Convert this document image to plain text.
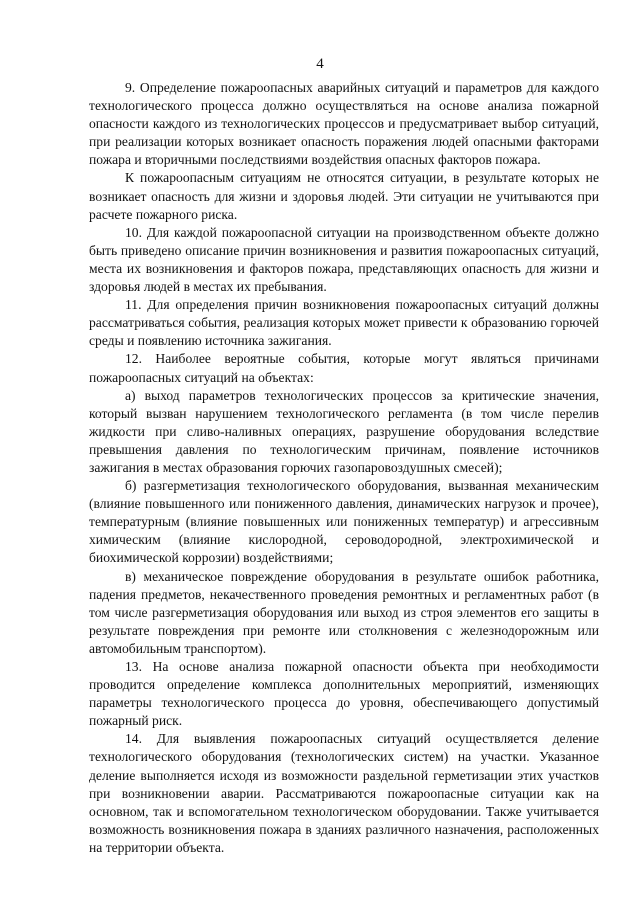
4

9. Определение пожароопасных аварийных ситуаций и параметров для каждого технологического процесса должно осуществляться на основе анализа пожарной опасности каждого из технологических процессов и предусматривает выбор ситуаций, при реализации которых возникает опасность поражения людей опасными факторами пожара и вторичными последствиями воздействия опасных факторов пожара.

К пожароопасным ситуациям не относятся ситуации, в результате которых не возникает опасность для жизни и здоровья людей. Эти ситуации не учитываются при расчете пожарного риска.

10. Для каждой пожароопасной ситуации на производственном объекте должно быть приведено описание причин возникновения и развития пожароопасных ситуаций, места их возникновения и факторов пожара, представляющих опасность для жизни и здоровья людей в местах их пребывания.

11. Для определения причин возникновения пожароопасных ситуаций должны рассматриваться события, реализация которых может привести к образованию горючей среды и появлению источника зажигания.

12. Наиболее вероятные события, которые могут являться причинами пожароопасных ситуаций на объектах:

а) выход параметров технологических процессов за критические значения, который вызван нарушением технологического регламента (в том числе перелив жидкости при сливо-наливных операциях, разрушение оборудования вследствие превышения давления по технологическим причинам, появление источников зажигания в местах образования горючих газопаровоздушных смесей);

б) разгерметизация технологического оборудования, вызванная механическим (влияние повышенного или пониженного давления, динамических нагрузок и прочее), температурным (влияние повышенных или пониженных температур) и агрессивным химическим (влияние кислородной, сероводородной, электрохимической и биохимической коррозии) воздействиями;

в) механическое повреждение оборудования в результате ошибок работника, падения предметов, некачественного проведения ремонтных и регламентных работ (в том числе разгерметизация оборудования или выход из строя элементов его защиты в результате повреждения при ремонте или столкновения с железнодорожным или автомобильным транспортом).

13. На основе анализа пожарной опасности объекта при необходимости проводится определение комплекса дополнительных мероприятий, изменяющих параметры технологического процесса до уровня, обеспечивающего допустимый пожарный риск.

14. Для выявления пожароопасных ситуаций осуществляется деление технологического оборудования (технологических систем) на участки. Указанное деление выполняется исходя из возможности раздельной герметизации этих участков при возникновении аварии. Рассматриваются пожароопасные ситуации как на основном, так и вспомогательном технологическом оборудовании. Также учитывается возможность возникновения пожара в зданиях различного назначения, расположенных на территории объекта.
